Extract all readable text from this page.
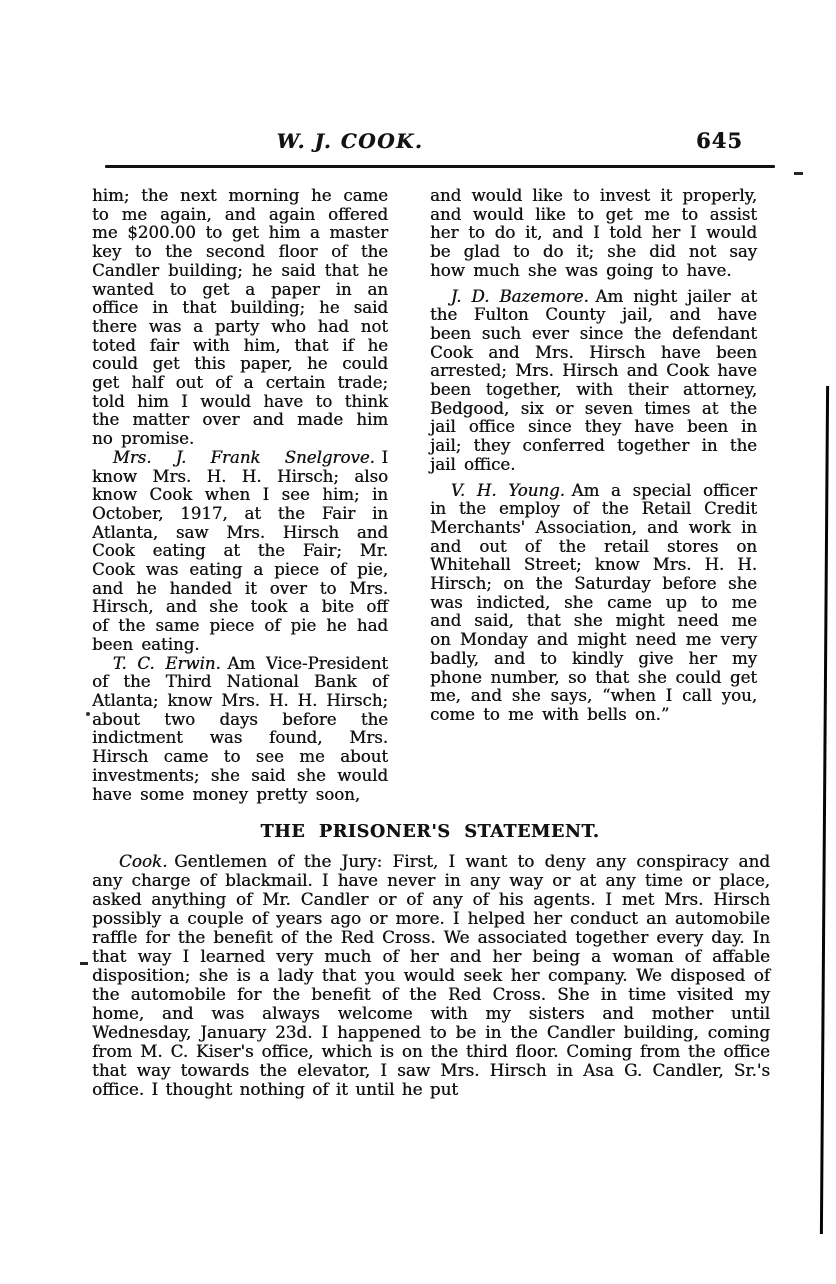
W. J. COOK.	645

him; the next morning he came to me again, and again offered me $200.00 to get him a master key to the second floor of the Candler building; he said that he wanted to get a paper in an office in that building; he said there was a party who had not toted fair with him, that if he could get this paper, he could get half out of a certain trade; told him I would have to think the matter over and made him no promise.

Mrs. J. Frank Snelgrove. I know Mrs. H. H. Hirsch; also know Cook when I see him; in October, 1917, at the Fair in Atlanta, saw Mrs. Hirsch and Cook eating at the Fair; Mr. Cook was eating a piece of pie, and he handed it over to Mrs. Hirsch, and she took a bite off of the same piece of pie he had been eating.

T. C. Erwin. Am Vice-President of the Third National Bank of Atlanta; know Mrs. H. H. Hirsch; about two days before the indictment was found, Mrs. Hirsch came to see me about investments; she said she would have some money pretty soon,

and would like to invest it properly, and would like to get me to assist her to do it, and I told her I would be glad to do it; she did not say how much she was going to have.

J. D. Bazemore. Am night jailer at the Fulton County jail, and have been such ever since the defendant Cook and Mrs. Hirsch have been arrested; Mrs. Hirsch and Cook have been together, with their attorney, Bedgood, six or seven times at the jail office since they have been in jail; they conferred together in the jail office.

V. H. Young. Am a special officer in the employ of the Retail Credit Merchants' Association, and work in and out of the retail stores on Whitehall Street; know Mrs. H. H. Hirsch; on the Saturday before she was indicted, she came up to me and said, that she might need me on Monday and might need me very badly, and to kindly give her my phone number, so that she could get me, and she says, “when I call you, come to me with bells on.”

THE PRISONER'S STATEMENT.

Cook. Gentlemen of the Jury: First, I want to deny any conspiracy and any charge of blackmail. I have never in any way or at any time or place, asked anything of Mr. Candler or of any of his agents. I met Mrs. Hirsch possibly a couple of years ago or more. I helped her conduct an automobile raffle for the benefit of the Red Cross. We associated together every day. In that way I learned very much of her and her being a woman of affable disposition; she is a lady that you would seek her company. We disposed of the automobile for the benefit of the Red Cross. She in time visited my home, and was always welcome with my sisters and mother until Wednesday, January 23d. I happened to be in the Candler building, coming from M. C. Kiser's office, which is on the third floor. Coming from the office that way towards the elevator, I saw Mrs. Hirsch in Asa G. Candler, Sr.'s office. I thought nothing of it until he put
